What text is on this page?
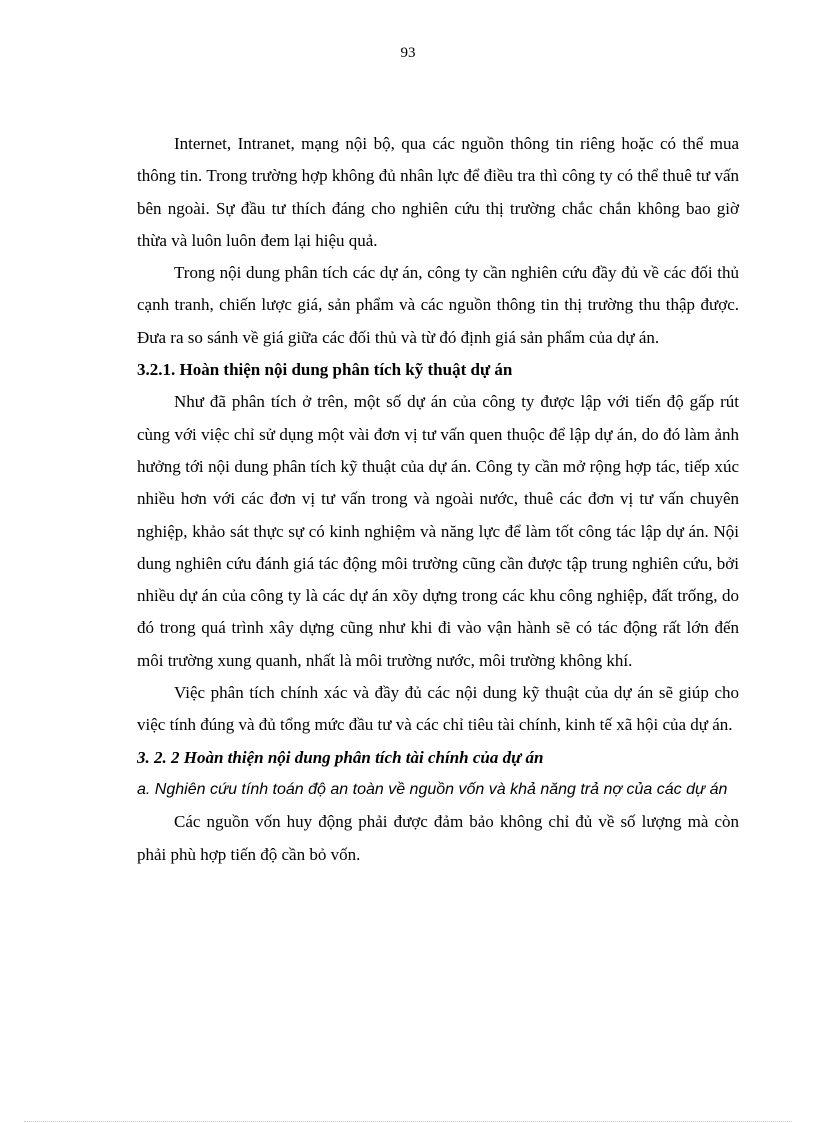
93

Internet, Intranet, mạng nội bộ, qua các nguồn thông tin riêng hoặc có thể mua thông tin. Trong trường hợp không đủ nhân lực để điều tra thì công ty có thể thuê tư vấn bên ngoài. Sự đầu tư thích đáng cho nghiên cứu thị trường chắc chắn không bao giờ thừa và luôn luôn đem lại hiệu quả.

Trong nội dung phân tích các dự án, công ty cần nghiên cứu đầy đủ về các đối thủ cạnh tranh, chiến lược giá, sản phẩm và các nguồn thông tin thị trường thu thập được. Đưa ra so sánh về giá giữa các đối thủ và từ đó định giá sản phẩm của dự án.

3.2.1. Hoàn thiện nội dung phân tích kỹ thuật dự án

Như đã phân tích ở trên, một số dự án của công ty được lập với tiến độ gấp rút cùng với việc chỉ sử dụng một vài đơn vị tư vấn quen thuộc để lập dự án, do đó làm ảnh hưởng tới nội dung phân tích kỹ thuật của dự án. Công ty cần mở rộng hợp tác, tiếp xúc nhiều hơn với các đơn vị tư vấn trong và ngoài nước, thuê các đơn vị tư vấn chuyên nghiệp, khảo sát thực sự có kinh nghiệm và năng lực để làm tốt công tác lập dự án. Nội dung nghiên cứu đánh giá tác động môi trường cũng cần được tập trung nghiên cứu, bởi nhiều dự án của công ty là các dự án xõy dựng trong các khu công nghiệp, đất trống, do đó trong quá trình xây dựng cũng như khi đi vào vận hành sẽ có tác động rất lớn đến môi trường xung quanh, nhất là môi trường nước, môi trường không khí.

Việc phân tích chính xác và đầy đủ các nội dung kỹ thuật của dự án sẽ giúp cho việc tính đúng và đủ tổng mức đầu tư và các chỉ tiêu tài chính, kinh tế xã hội của dự án.

3. 2. 2 Hoàn thiện nội dung phân tích tài chính của dự án
a. Nghiên cứu tính toán độ an toàn về nguồn vốn và khả năng trả nợ của các dự án

Các nguồn vốn huy động phải được đảm bảo không chỉ đủ về số lượng mà còn phải phù hợp tiến độ cần bỏ vốn.
